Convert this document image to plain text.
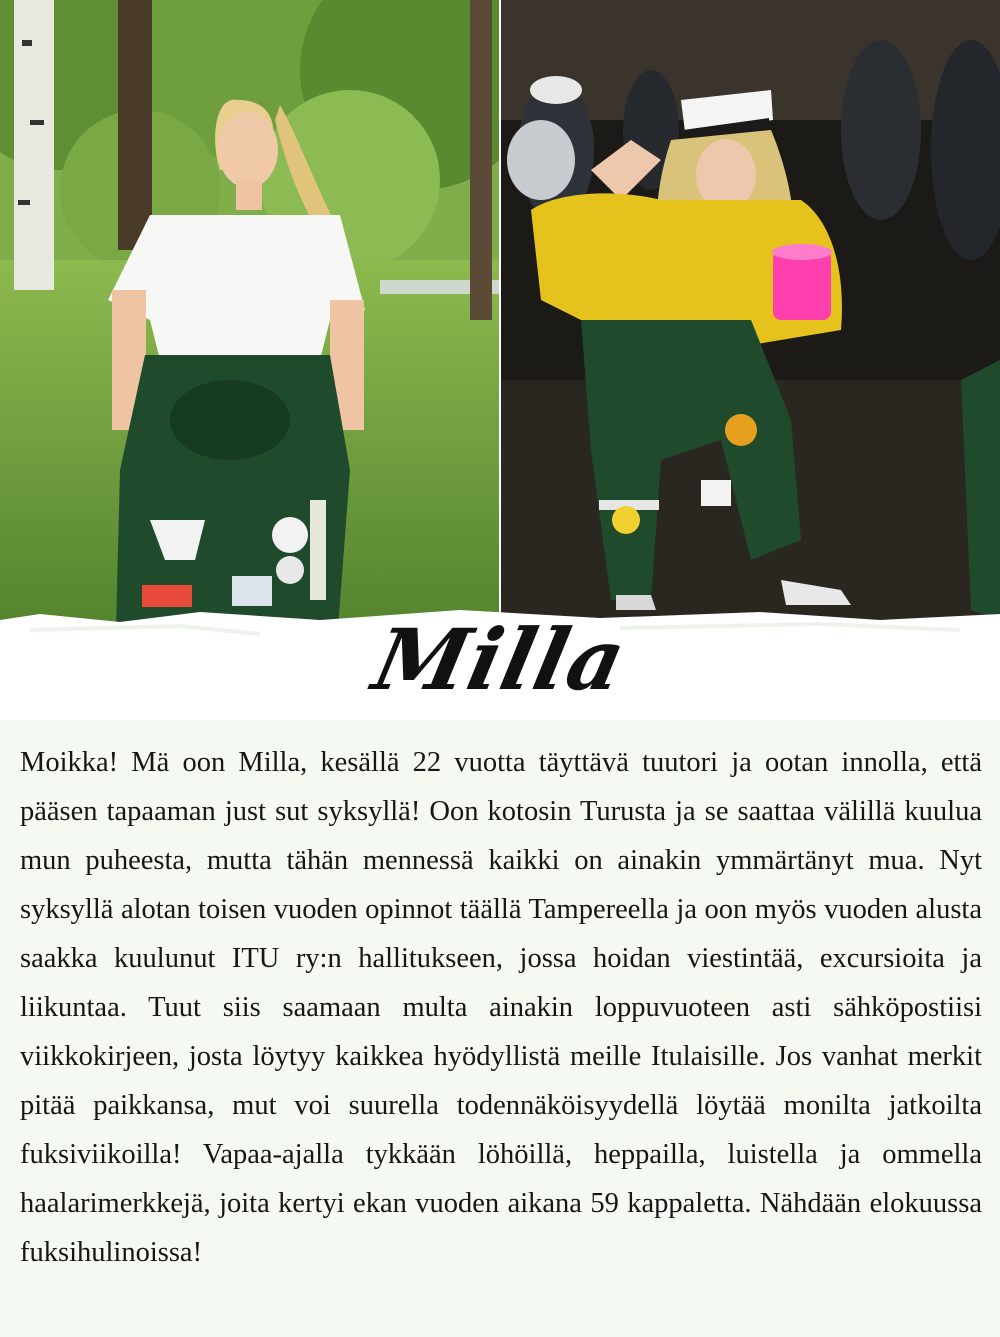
Milla
Moikka! Mä oon Milla, kesällä 22 vuotta täyttävä tuutori ja ootan innolla, että pääsen tapaaman just sut syksyllä! Oon kotosin Turusta ja se saattaa välillä kuulua mun puheesta, mutta tähän mennessä kaikki on ainakin ymmärtänyt mua. Nyt syksyllä alotan toisen vuoden opinnot täällä Tampereella ja oon myös vuoden alusta saakka kuulunut ITU ry:n hallitukseen, jossa hoidan viestintää, excursioita ja liikuntaa. Tuut siis saamaan multa ainakin loppuvuoteen asti sähköpostiisi viikkokirjeen, josta löytyy kaikkea hyödyllistä meille Itulaisille. Jos vanhat merkit pitää paikkansa, mut voi suurella todennäköisyydellä löytää monilta jatkoilta fuksiviikoilla! Vapaa-ajalla tykkään löhöillä, heppailla, luistella ja ommella haalarimerkkejä, joita kertyi ekan vuoden aikana 59 kappaletta. Nähdään elokuussa fuksihulinoissa!
